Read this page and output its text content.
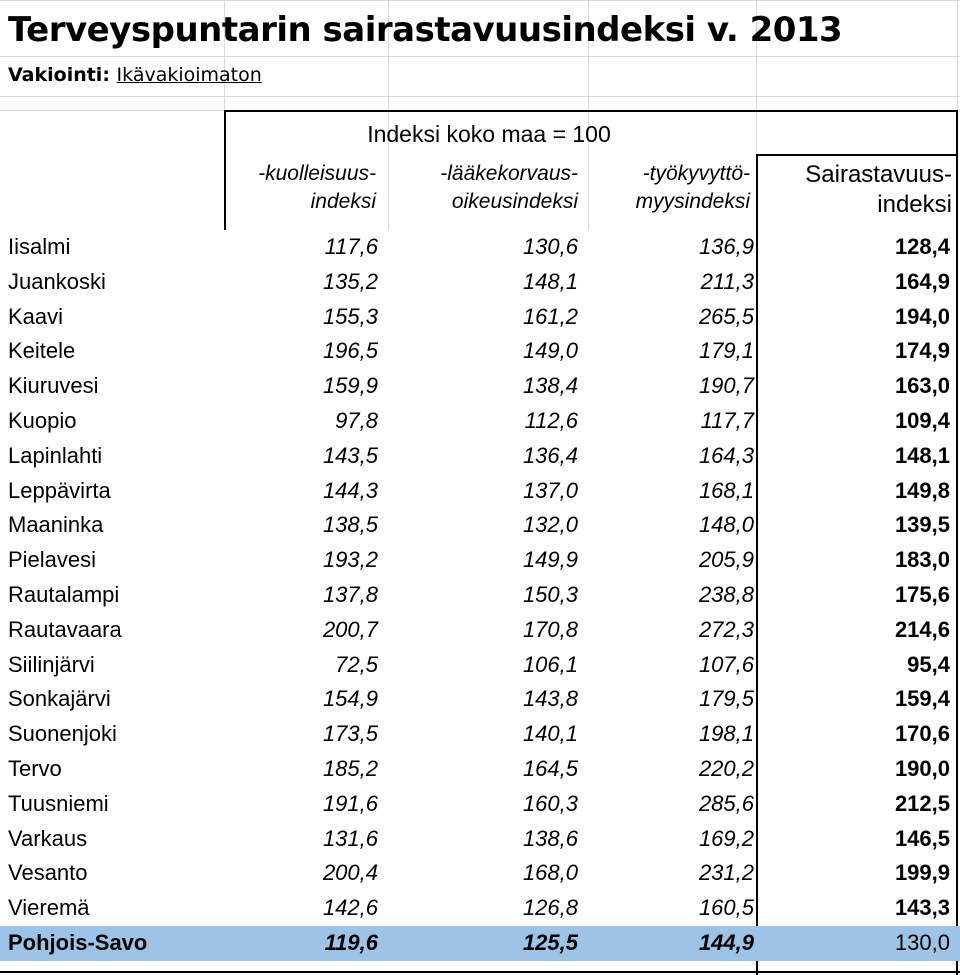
Terveyspuntarin sairastavuusindeksi v. 2013
Vakiointi: Ikävakioimaton
Indeksi koko maa = 100
-kuolleisuus-
indeksi
-lääkekorvaus-
oikeusindeksi
-työkyvyttö-
myysindeksi
Sairastavuus-
indeksi
Iisalmi	117,6	130,6	136,9	128,4
Juankoski	135,2	148,1	211,3	164,9
Kaavi	155,3	161,2	265,5	194,0
Keitele	196,5	149,0	179,1	174,9
Kiuruvesi	159,9	138,4	190,7	163,0
Kuopio	97,8	112,6	117,7	109,4
Lapinlahti	143,5	136,4	164,3	148,1
Leppävirta	144,3	137,0	168,1	149,8
Maaninka	138,5	132,0	148,0	139,5
Pielavesi	193,2	149,9	205,9	183,0
Rautalampi	137,8	150,3	238,8	175,6
Rautavaara	200,7	170,8	272,3	214,6
Siilinjärvi	72,5	106,1	107,6	95,4
Sonkajärvi	154,9	143,8	179,5	159,4
Suonenjoki	173,5	140,1	198,1	170,6
Tervo	185,2	164,5	220,2	190,0
Tuusniemi	191,6	160,3	285,6	212,5
Varkaus	131,6	138,6	169,2	146,5
Vesanto	200,4	168,0	231,2	199,9
Vieremä	142,6	126,8	160,5	143,3
Pohjois-Savo	119,6	125,5	144,9	130,0
